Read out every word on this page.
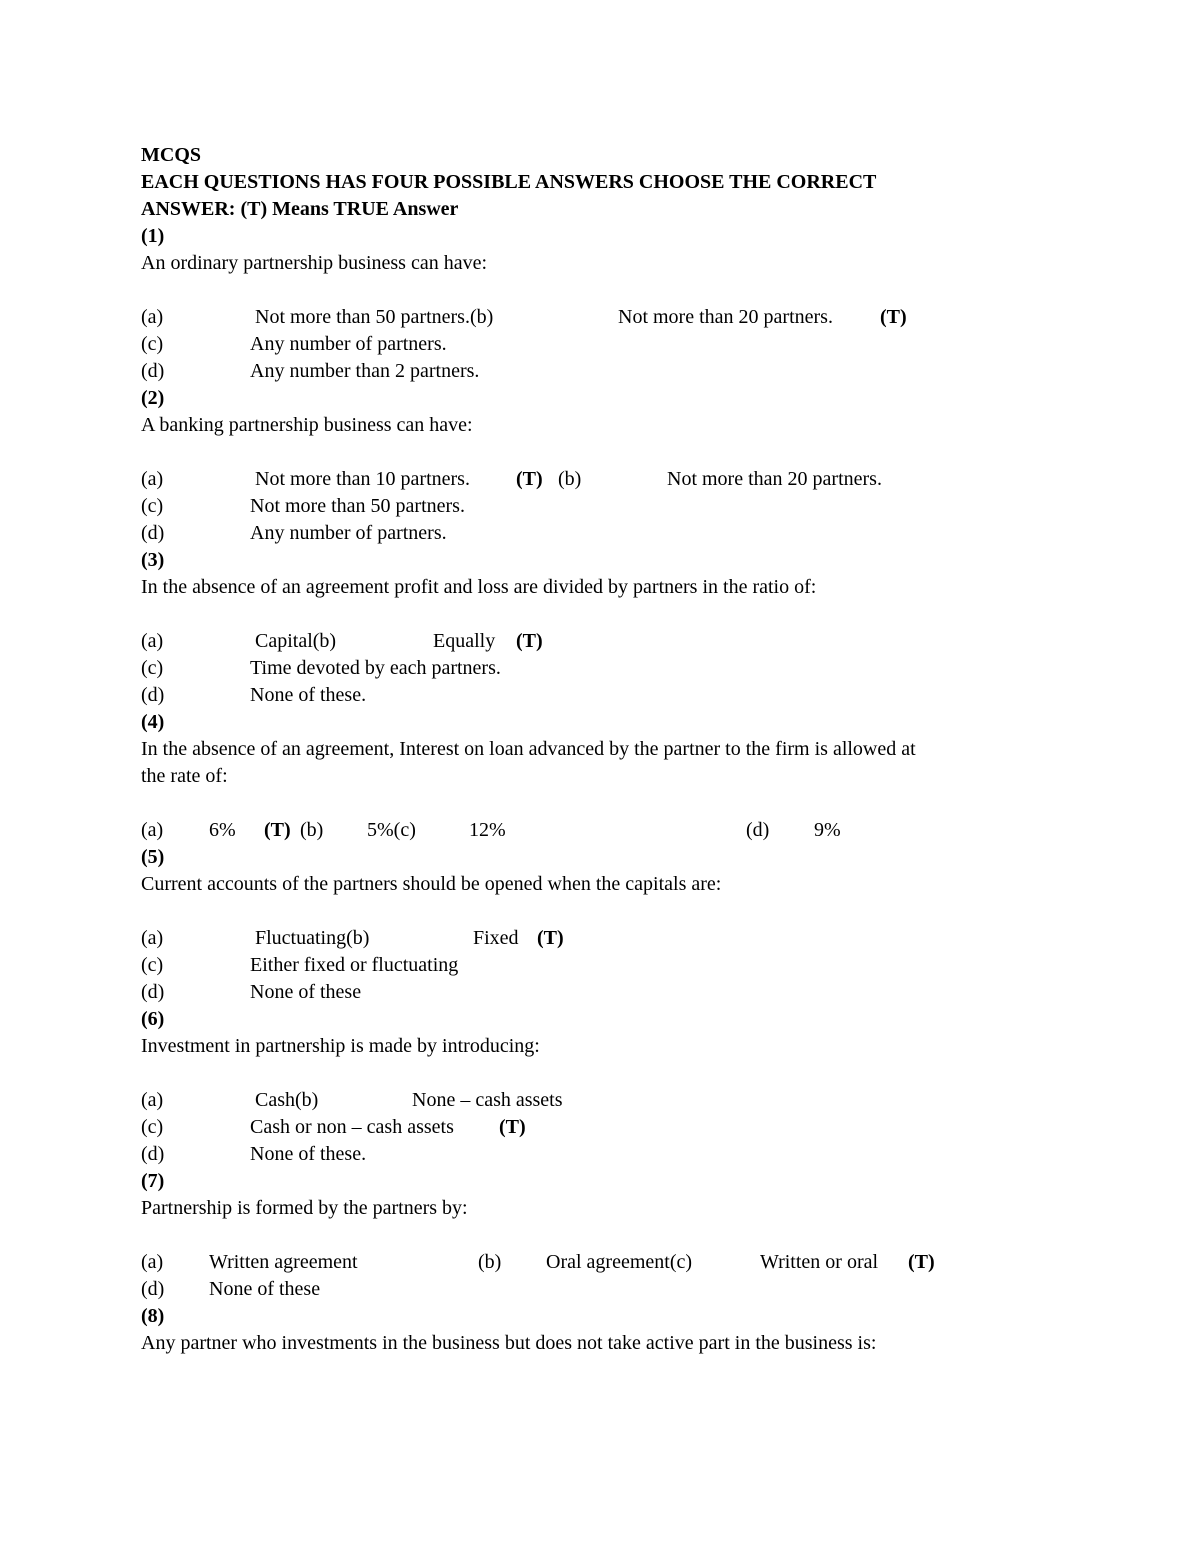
MCQS
EACH QUESTIONS HAS FOUR POSSIBLE ANSWERS CHOOSE THE CORRECT
ANSWER: (T) Means TRUE Answer
(1)
An ordinary partnership business can have:
(a)	Not more than 50 partners.(b)	Not more than 20 partners. (T)
(c)	Any number of partners.
(d)	Any number than 2 partners.
(2)
A banking partnership business can have:
(a)	Not more than 10 partners. (T) (b)	Not more than 20 partners.
(c)	Not more than 50 partners.
(d)	Any number of partners.
(3)
In the absence of an agreement profit and loss are divided by partners in the ratio of:
(a)	Capital(b)	Equally (T)
(c)	Time devoted by each partners.
(d)	None of these.
(4)
In the absence of an agreement, Interest on loan advanced by the partner to the firm is allowed at
the rate of:
(a) 6% (T) (b) 5%(c)	12%	(d) 9%
(5)
Current accounts of the partners should be opened when the capitals are:
(a)	Fluctuating(b)	Fixed (T)
(c)	Either fixed or fluctuating
(d)	None of these
(6)
Investment in partnership is made by introducing:
(a)	Cash(b)	None – cash assets
(c)	Cash or non – cash assets (T)
(d)	None of these.
(7)
Partnership is formed by the partners by:
(a) Written agreement	(b) Oral agreement(c)	Written or oral (T)
(d) None of these
(8)
Any partner who investments in the business but does not take active part in the business is:
